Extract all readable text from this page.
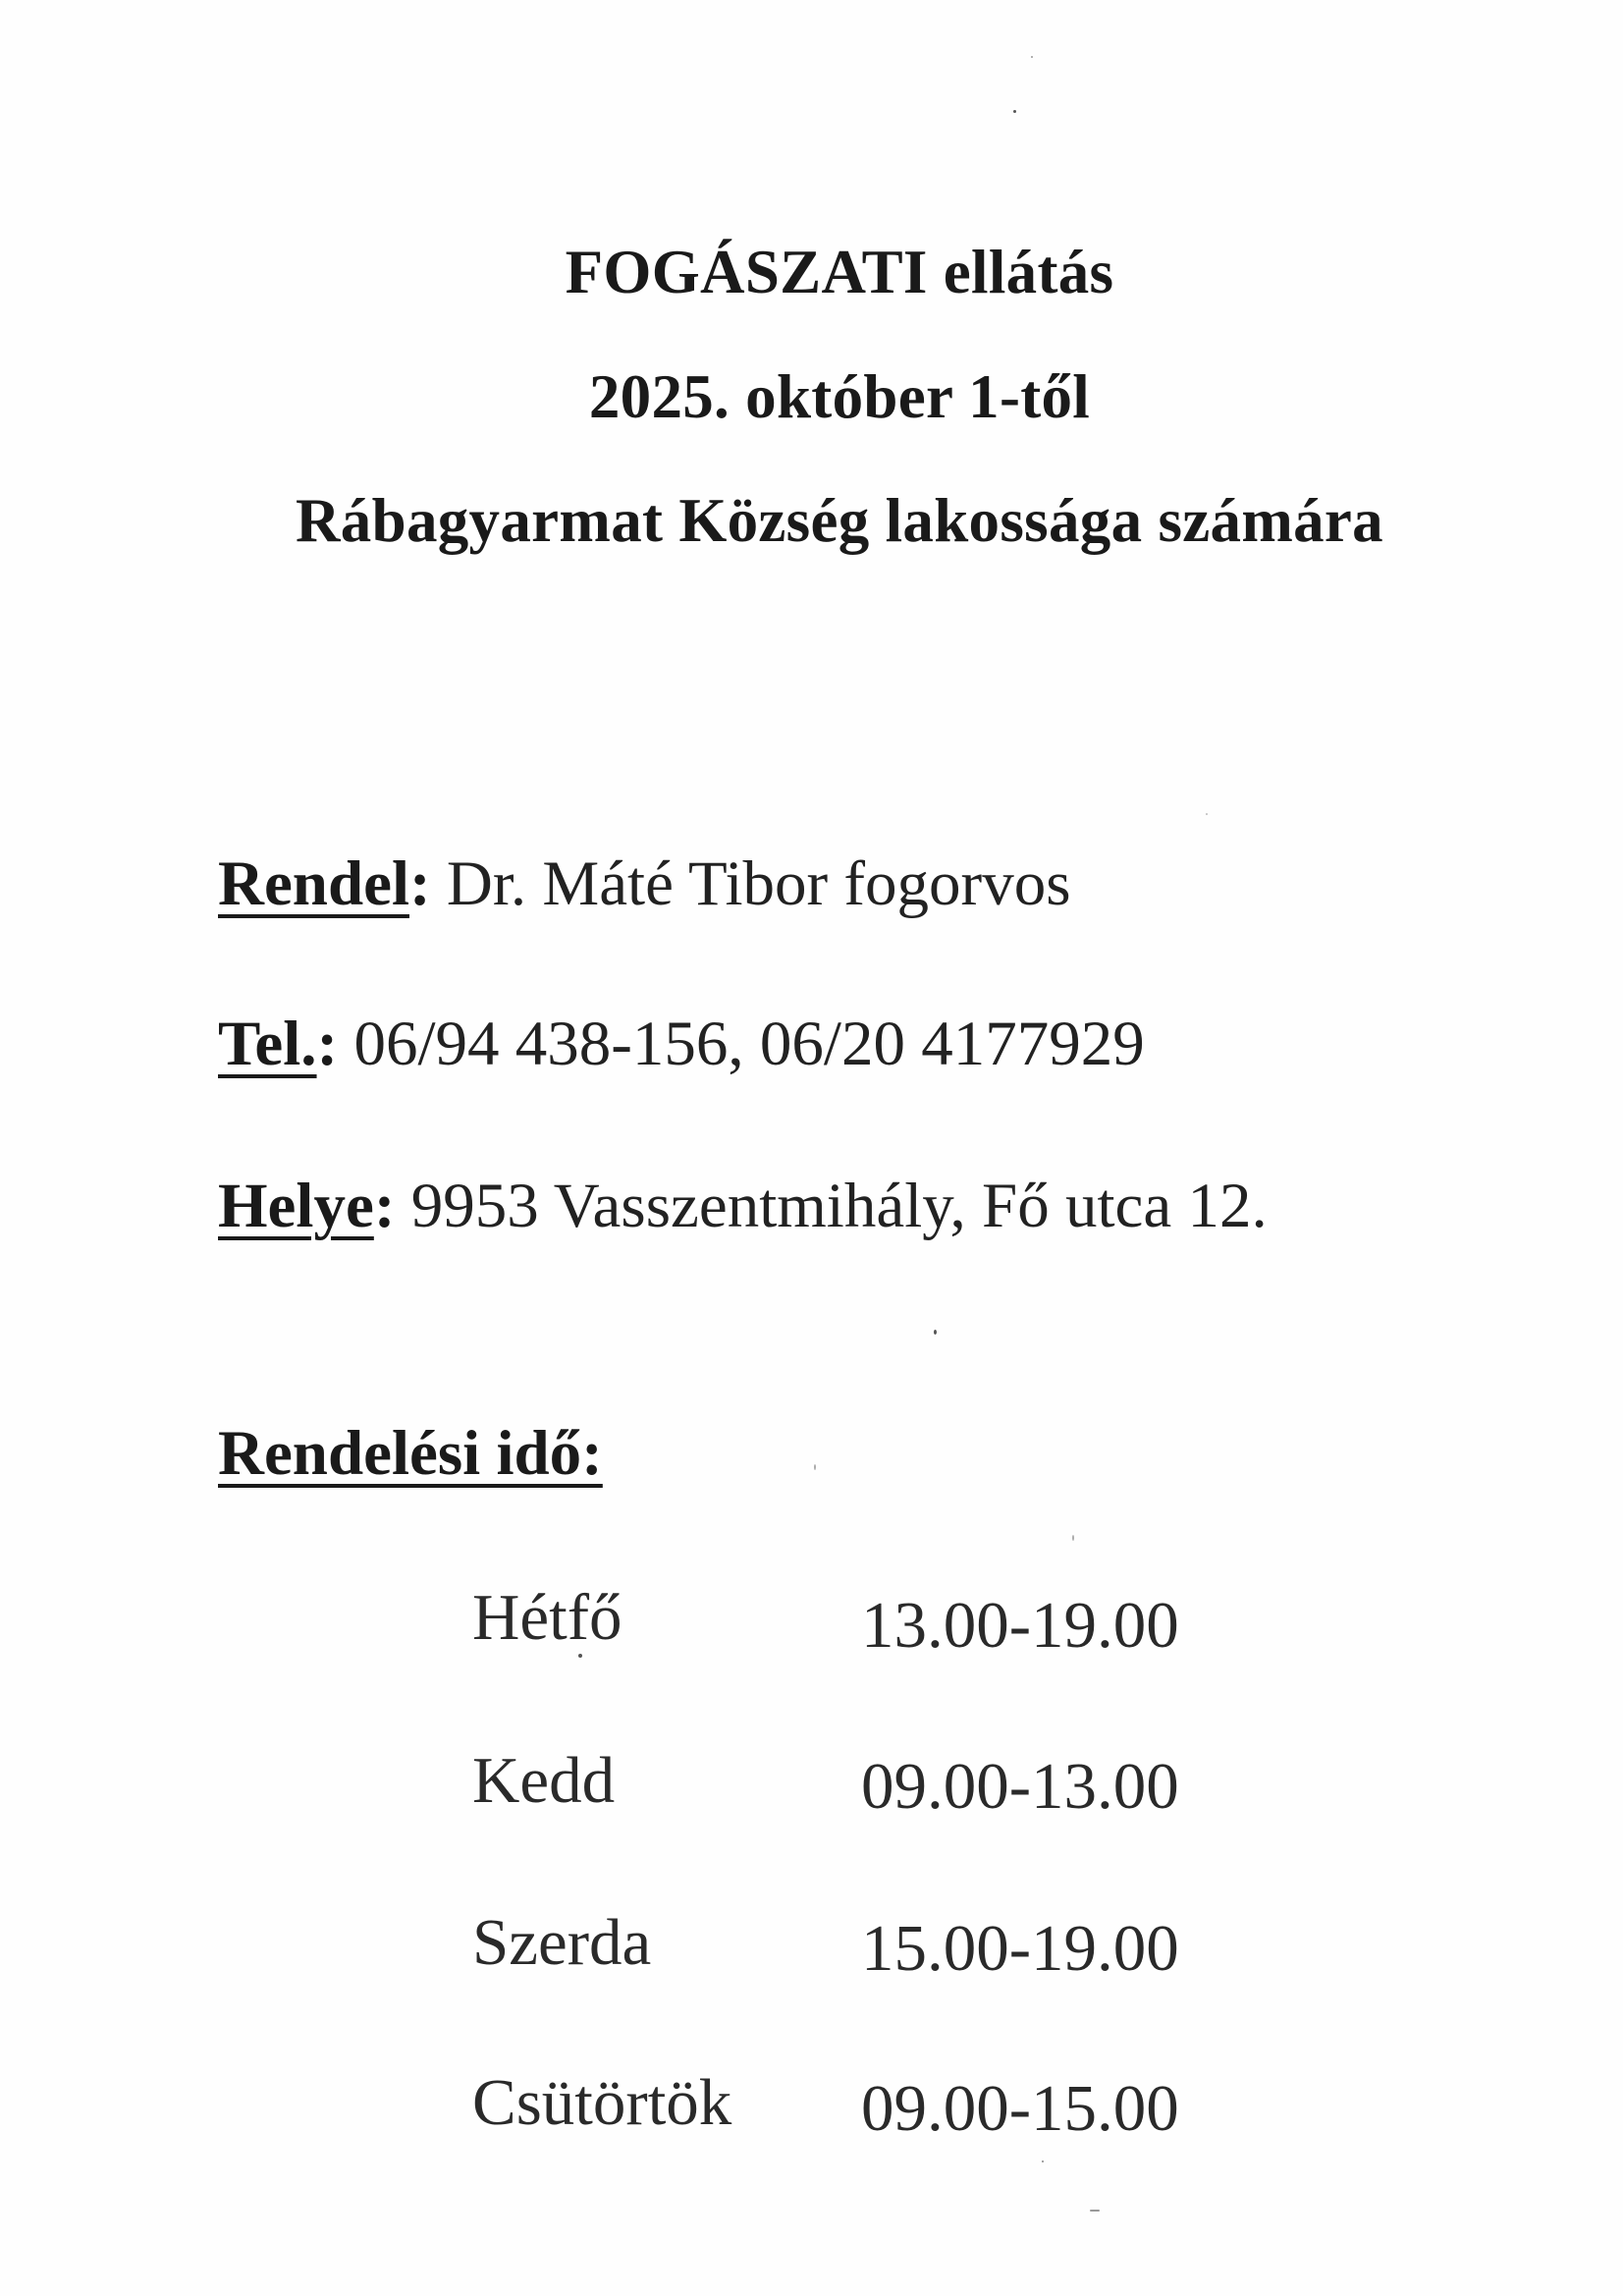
FOGÁSZATI ellátás
2025. október 1-től
Rábagyarmat Község lakossága számára
Rendel: Dr. Máté Tibor fogorvos
Tel.: 06/94 438-156, 06/20 4177929
Helye: 9953 Vasszentmihály, Fő utca 12.
Rendelési idő:
Hétfő	13.00-19.00
Kedd	09.00-13.00
Szerda	15.00-19.00
Csütörtök 09.00-15.00
